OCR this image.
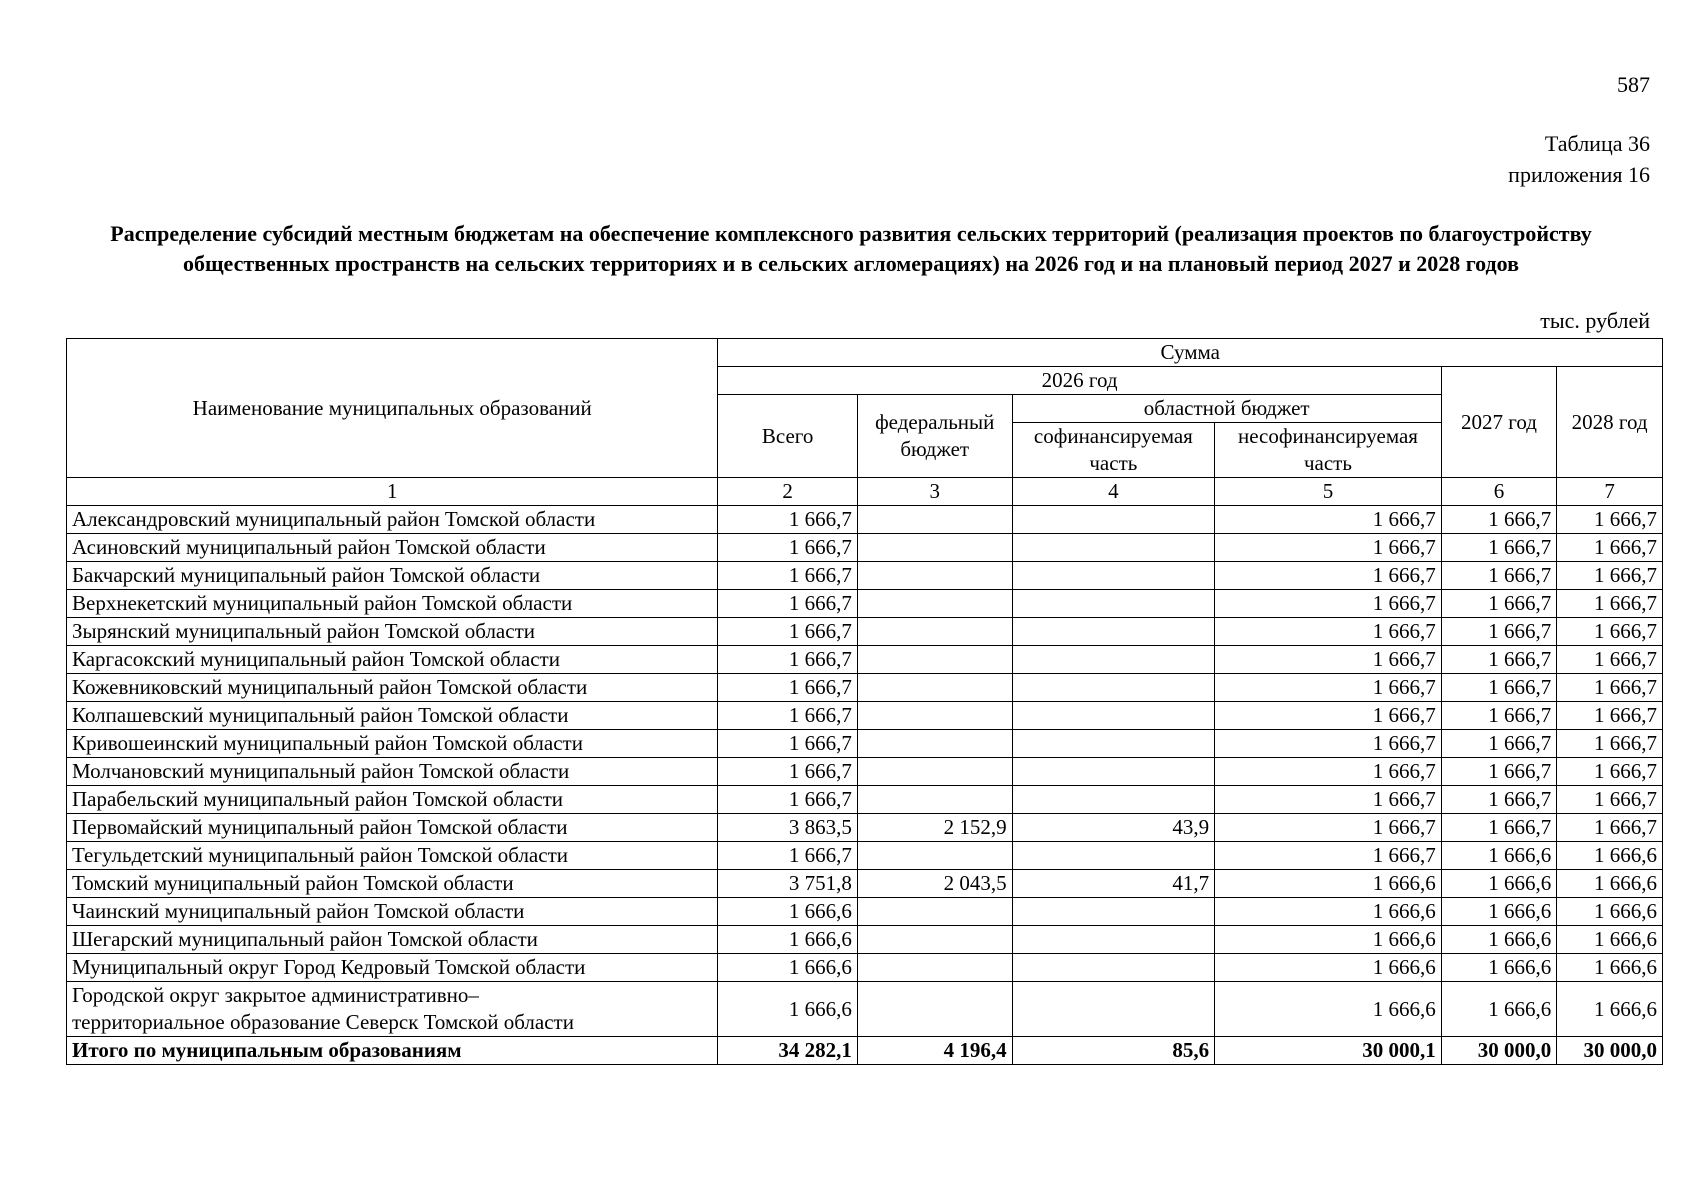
587
Таблица 36
приложения 16
Распределение субсидий местным бюджетам на обеспечение комплексного развития сельских территорий (реализация проектов по благоустройству общественных пространств на сельских территориях и в сельских агломерациях) на 2026 год и на плановый период 2027 и 2028 годов
тыс. рублей
Наименование муниципальных образований	Сумма					
	2026 год				2027 год	2028 год
	Всего	федеральный бюджет	областной бюджет			
			софинансируемая часть	несофинансируемая часть		
1	2	3	4	5	6	7
Александровский муниципальный район Томской области	1 666,7			1 666,7	1 666,7	1 666,7
Асиновский муниципальный район Томской области	1 666,7			1 666,7	1 666,7	1 666,7
Бакчарский муниципальный район Томской области	1 666,7			1 666,7	1 666,7	1 666,7
Верхнекетский муниципальный район Томской области	1 666,7			1 666,7	1 666,7	1 666,7
Зырянский муниципальный район Томской области	1 666,7			1 666,7	1 666,7	1 666,7
Каргасокский муниципальный район Томской области	1 666,7			1 666,7	1 666,7	1 666,7
Кожевниковский муниципальный район Томской области	1 666,7			1 666,7	1 666,7	1 666,7
Колпашевский муниципальный район Томской области	1 666,7			1 666,7	1 666,7	1 666,7
Кривошеинский муниципальный район Томской области	1 666,7			1 666,7	1 666,7	1 666,7
Молчановский муниципальный район Томской области	1 666,7			1 666,7	1 666,7	1 666,7
Парабельский муниципальный район Томской области	1 666,7			1 666,7	1 666,7	1 666,7
Первомайский муниципальный район Томской области	3 863,5	2 152,9	43,9	1 666,7	1 666,7	1 666,7
Тегульдетский муниципальный район Томской области	1 666,7			1 666,7	1 666,6	1 666,6
Томский муниципальный район Томской области	3 751,8	2 043,5	41,7	1 666,6	1 666,6	1 666,6
Чаинский муниципальный район Томской области	1 666,6			1 666,6	1 666,6	1 666,6
Шегарский муниципальный район Томской области	1 666,6			1 666,6	1 666,6	1 666,6
Муниципальный округ Город Кедровый Томской области	1 666,6			1 666,6	1 666,6	1 666,6

Городской округ закрытое административно–
территориальное образование Северск Томской области	1 666,6			1 666,6	1 666,6	1 666,6
Итого по муниципальным образованиям	34 282,1	4 196,4	85,6	30 000,1	30 000,0	30 000,0
